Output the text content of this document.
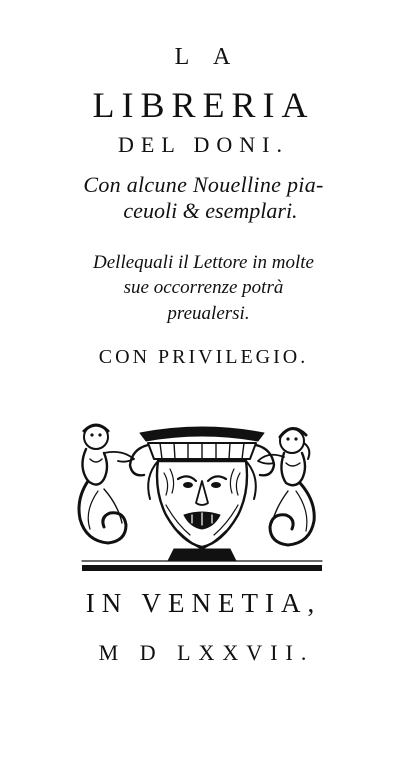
L A
LIBRERIA
DEL DONI.
Con alcune Nouelline pia-
ceuoli & esemplari.
Dellequali il Lettore in molte
sue occorrenze potrà
preualersi.
CON PRIVILEGIO.
IN VENETIA,
M D LXXVII.
